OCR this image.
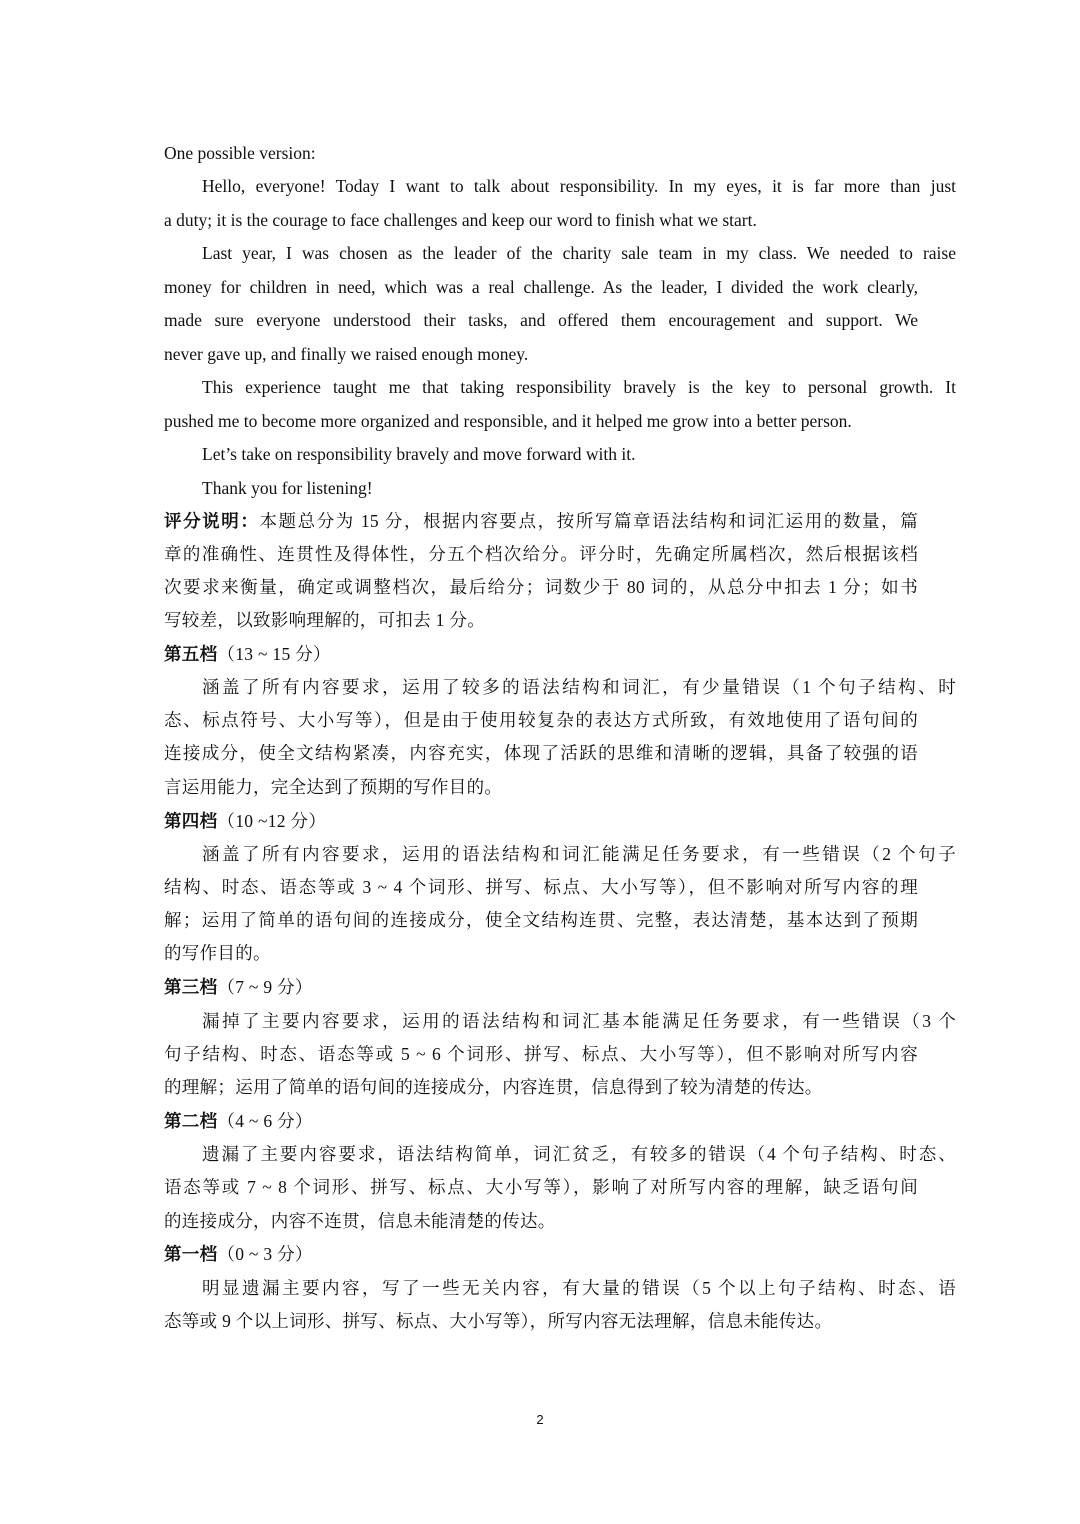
One possible version:
Hello, everyone! Today I want to talk about responsibility. In my eyes, it is far more than just
a duty; it is the courage to face challenges and keep our word to finish what we start.
Last year, I was chosen as the leader of the charity sale team in my class. We needed to raise
money for children in need, which was a real challenge. As the leader, I divided the work clearly,
made sure everyone understood their tasks, and offered them encouragement and support. We
never gave up, and finally we raised enough money.
This experience taught me that taking responsibility bravely is the key to personal growth. It
pushed me to become more organized and responsible, and it helped me grow into a better person.
Let’s take on responsibility bravely and move forward with it.
Thank you for listening!
评分说明：本题总分为 15 分，根据内容要点，按所写篇章语法结构和词汇运用的数量，篇
章的准确性、连贯性及得体性，分五个档次给分。评分时，先确定所属档次，然后根据该档
次要求来衡量，确定或调整档次，最后给分；词数少于 80 词的，从总分中扣去 1 分；如书
写较差，以致影响理解的，可扣去 1 分。
第五档（13 ~ 15 分）
涵盖了所有内容要求，运用了较多的语法结构和词汇，有少量错误（1 个句子结构、时
态、标点符号、大小写等），但是由于使用较复杂的表达方式所致，有效地使用了语句间的
连接成分，使全文结构紧凑，内容充实，体现了活跃的思维和清晰的逻辑，具备了较强的语
言运用能力，完全达到了预期的写作目的。
第四档（10 ~12 分）
涵盖了所有内容要求，运用的语法结构和词汇能满足任务要求，有一些错误（2 个句子
结构、时态、语态等或 3 ~ 4 个词形、拼写、标点、大小写等），但不影响对所写内容的理
解；运用了简单的语句间的连接成分，使全文结构连贯、完整，表达清楚，基本达到了预期
的写作目的。
第三档（7 ~ 9 分）
漏掉了主要内容要求，运用的语法结构和词汇基本能满足任务要求，有一些错误（3 个
句子结构、时态、语态等或 5 ~ 6 个词形、拼写、标点、大小写等），但不影响对所写内容
的理解；运用了简单的语句间的连接成分，内容连贯，信息得到了较为清楚的传达。
第二档（4 ~ 6 分）
遗漏了主要内容要求，语法结构简单，词汇贫乏，有较多的错误（4 个句子结构、时态、
语态等或 7 ~ 8 个词形、拼写、标点、大小写等），影响了对所写内容的理解，缺乏语句间
的连接成分，内容不连贯，信息未能清楚的传达。
第一档（0 ~ 3 分）
明显遗漏主要内容，写了一些无关内容，有大量的错误（5 个以上句子结构、时态、语
态等或 9 个以上词形、拼写、标点、大小写等），所写内容无法理解，信息未能传达。
2
